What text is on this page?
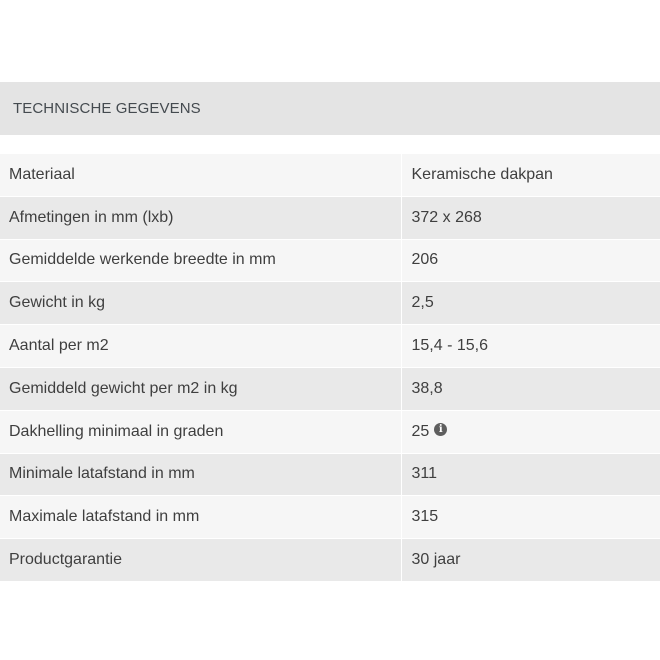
TECHNISCHE GEGEVENS
Materiaal	Keramische dakpan
Afmetingen in mm (lxb)	372 x 268
Gemiddelde werkende breedte in mm	206
Gewicht in kg	2,5
Aantal per m2	15,4 - 15,6
Gemiddeld gewicht per m2 in kg	38,8
Dakhelling minimaal in graden	25 i
Minimale latafstand in mm	311
Maximale latafstand in mm	315
Productgarantie	30 jaar
